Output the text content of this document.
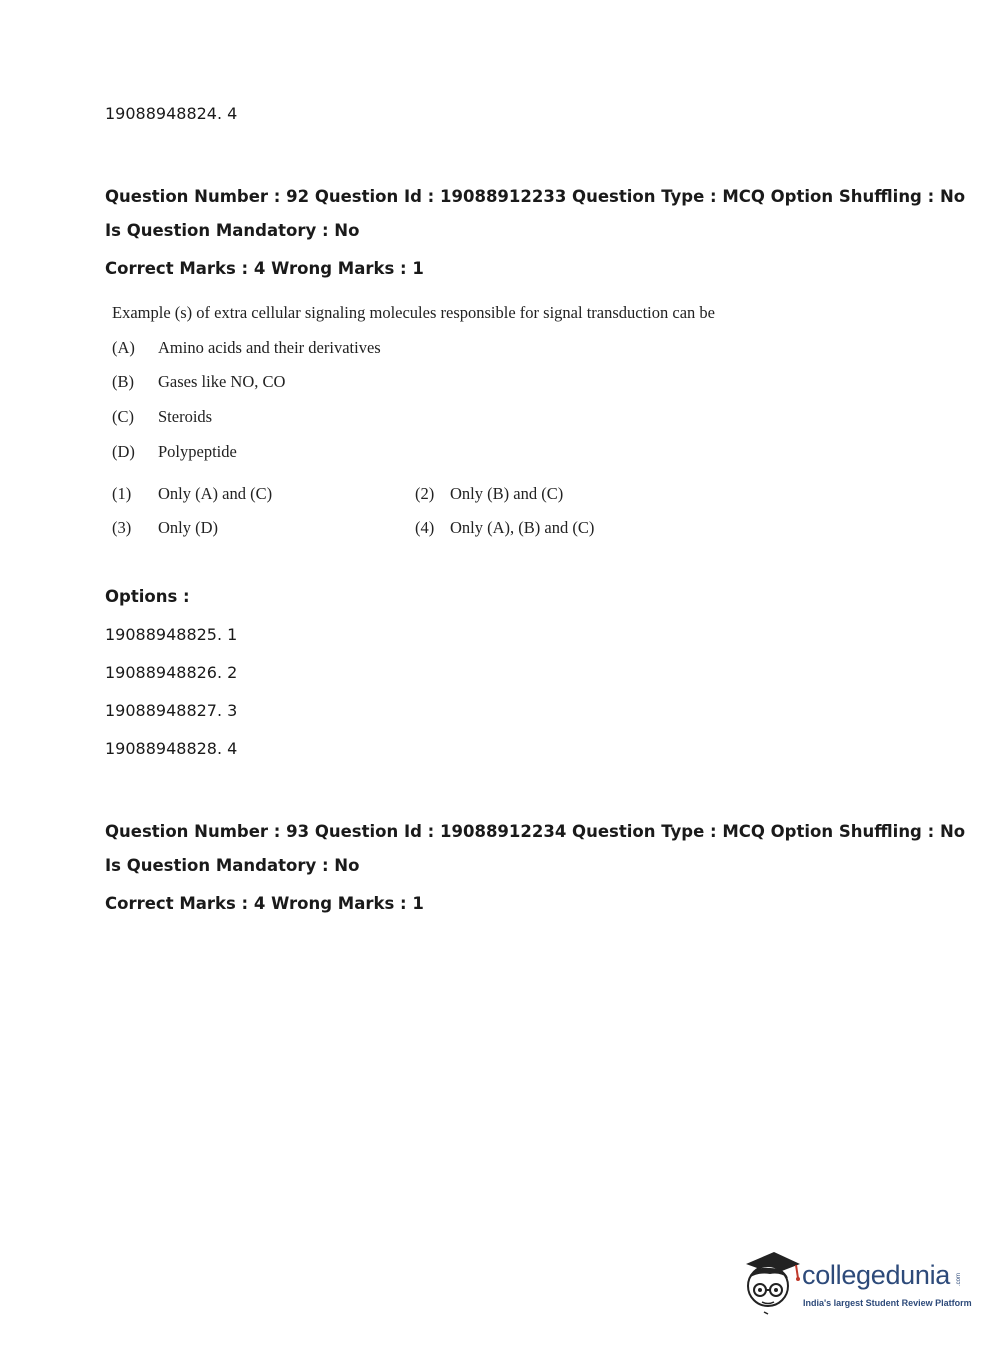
19088948824. 4
Question Number : 92 Question Id : 19088912233 Question Type : MCQ Option Shuffling : No
Is Question Mandatory : No
Correct Marks : 4 Wrong Marks : 1
Example (s) of extra cellular signaling molecules responsible for signal transduction can be
(A) Amino acids and their derivatives
(B) Gases like NO, CO
(C) Steroids
(D) Polypeptide
(1) Only (A) and (C)	(2) Only (B) and (C)
(3) Only (D)	(4) Only (A), (B) and (C)
Options :
19088948825. 1
19088948826. 2
19088948827. 3
19088948828. 4
Question Number : 93 Question Id : 19088912234 Question Type : MCQ Option Shuffling : No
Is Question Mandatory : No
Correct Marks : 4 Wrong Marks : 1
collegedunia .com
India's largest Student Review Platform
